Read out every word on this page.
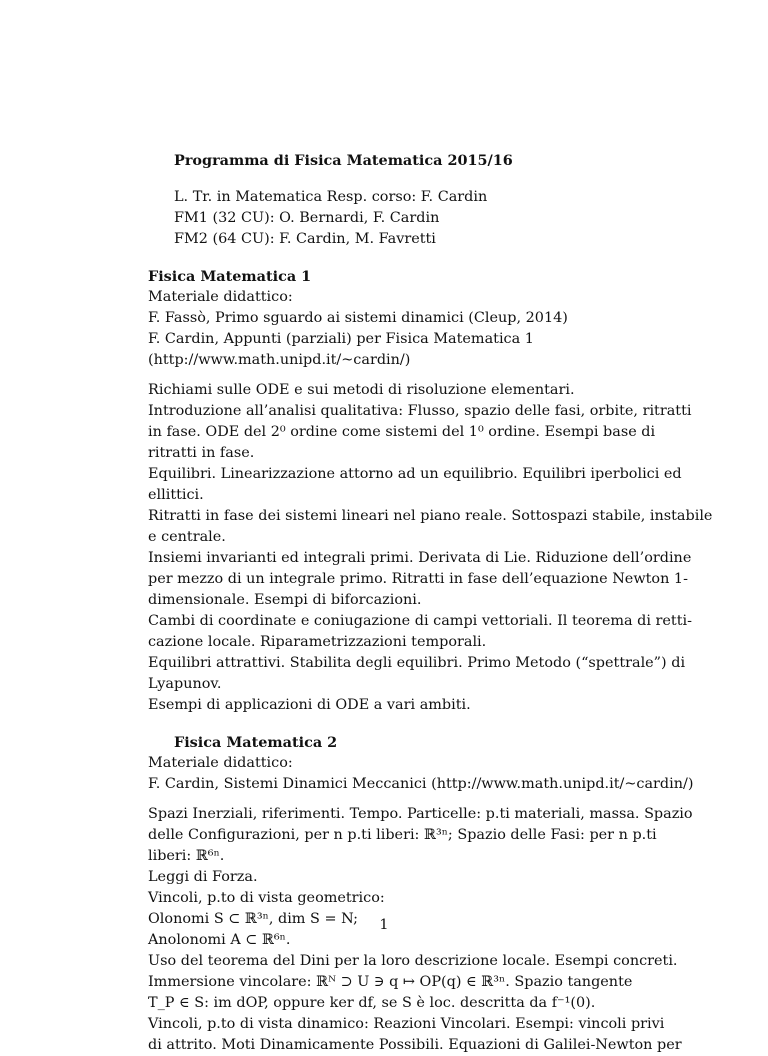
Programma di Fisica Matematica 2015/16
L. Tr. in Matematica Resp. corso: F. Cardin
FM1 (32 CU): O. Bernardi, F. Cardin
FM2 (64 CU): F. Cardin, M. Favretti
Fisica Matematica 1
Materiale didattico:
F. Fassò, Primo sguardo ai sistemi dinamici (Cleup, 2014)
F. Cardin, Appunti (parziali) per Fisica Matematica 1
(http://www.math.unipd.it/~cardin/)
Richiami sulle ODE e sui metodi di risoluzione elementari.
Introduzione all’analisi qualitativa: Flusso, spazio delle fasi, orbite, ritratti
in fase. ODE del 2⁰ ordine come sistemi del 1⁰ ordine. Esempi base di
ritratti in fase.
Equilibri. Linearizzazione attorno ad un equilibrio. Equilibri iperbolici ed
ellittici.
Ritratti in fase dei sistemi lineari nel piano reale. Sottospazi stabile, instabile
e centrale.
Insiemi invarianti ed integrali primi. Derivata di Lie. Riduzione dell’ordine
per mezzo di un integrale primo. Ritratti in fase dell’equazione Newton 1-
dimensionale. Esempi di biforcazioni.
Cambi di coordinate e coniugazione di campi vettoriali. Il teorema di retti-
cazione locale. Riparametrizzazioni temporali.
Equilibri attrattivi. Stabilita degli equilibri. Primo Metodo (“spettrale”) di
Lyapunov.
Esempi di applicazioni di ODE a vari ambiti.
Fisica Matematica 2
Materiale didattico:
F. Cardin, Sistemi Dinamici Meccanici (http://www.math.unipd.it/~cardin/)
Spazi Inerziali, riferimenti. Tempo. Particelle: p.ti materiali, massa. Spazio
delle Configurazioni, per n p.ti liberi: ℝ³ⁿ; Spazio delle Fasi: per n p.ti
liberi: ℝ⁶ⁿ.
Leggi di Forza.
Vincoli, p.to di vista geometrico:
Olonomi S ⊂ ℝ³ⁿ, dim S = N;
Anolonomi A ⊂ ℝ⁶ⁿ.
Uso del teorema del Dini per la loro descrizione locale. Esempi concreti.
Immersione vincolare: ℝᴺ ⊃ U ∋ q ↦ OP(q) ∈ ℝ³ⁿ. Spazio tangente
T_P ∈ S: im dOP, oppure ker df, se S è loc. descritta da f⁻¹(0).
Vincoli, p.to di vista dinamico: Reazioni Vincolari. Esempi: vincoli privi
di attrito. Moti Dinamicamente Possibili. Equazioni di Galilei-Newton per
1
